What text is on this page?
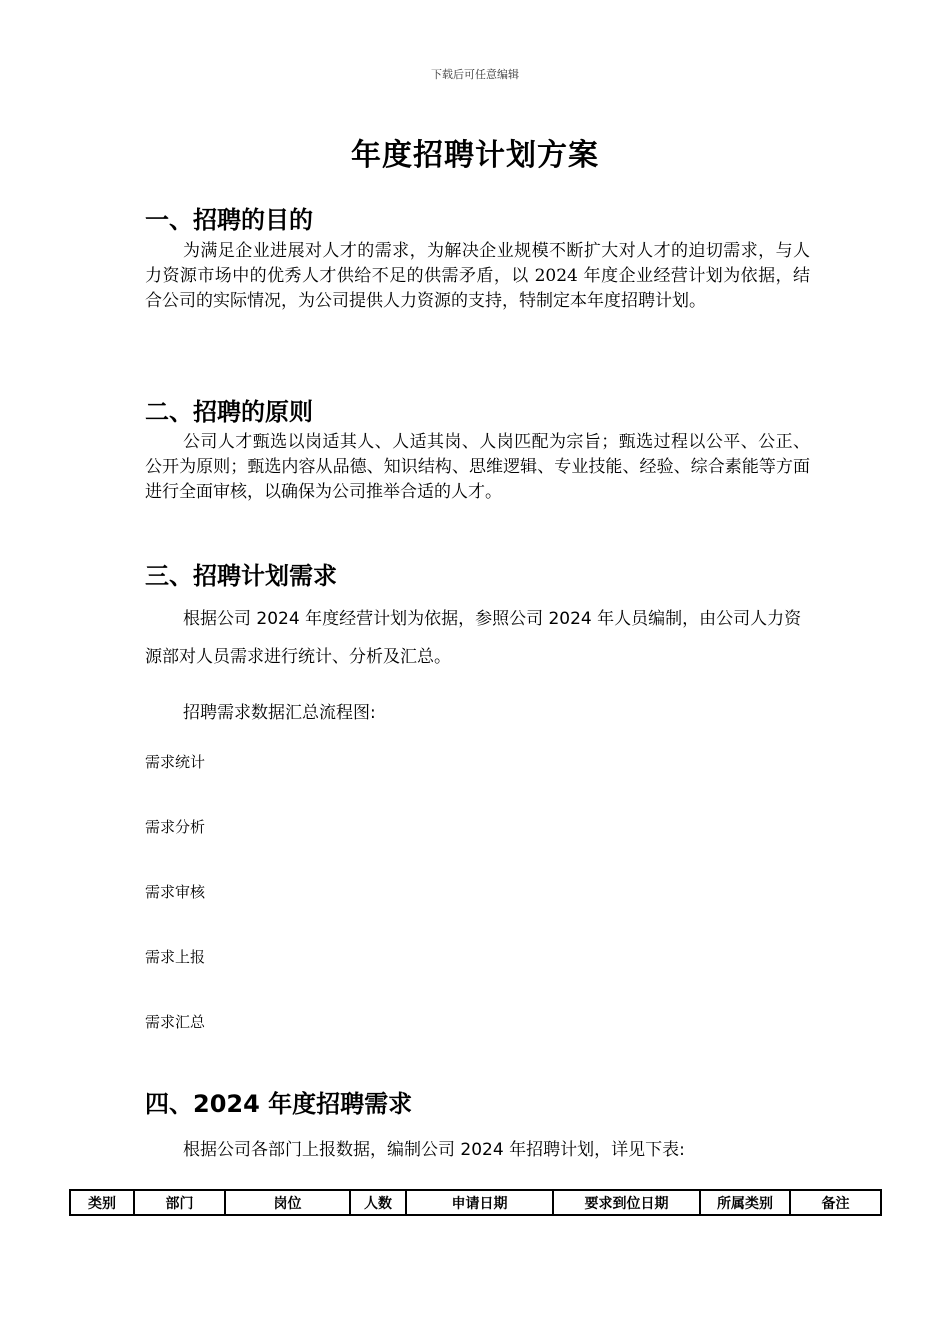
下载后可任意编辑
年度招聘计划方案
一、招聘的目的
为满足企业进展对人才的需求，为解决企业规模不断扩大对人才的迫切需求，与人力资源市场中的优秀人才供给不足的供需矛盾，以 2024 年度企业经营计划为依据，结合公司的实际情况，为公司提供人力资源的支持，特制定本年度招聘计划。
二、招聘的原则
公司人才甄选以岗适其人、人适其岗、人岗匹配为宗旨；甄选过程以公平、公正、公开为原则；甄选内容从品德、知识结构、思维逻辑、专业技能、经验、综合素能等方面进行全面审核，以确保为公司推举合适的人才。
三、招聘计划需求
根据公司 2024 年度经营计划为依据，参照公司 2024 年人员编制，由公司人力资源部对人员需求进行统计、分析及汇总。
招聘需求数据汇总流程图:
需求统计
需求分析
需求审核
需求上报
需求汇总
四、2024 年度招聘需求
根据公司各部门上报数据，编制公司 2024 年招聘计划，详见下表:
类别	部门	岗位	人数	申请日期	要求到位日期	所属类别	备注
